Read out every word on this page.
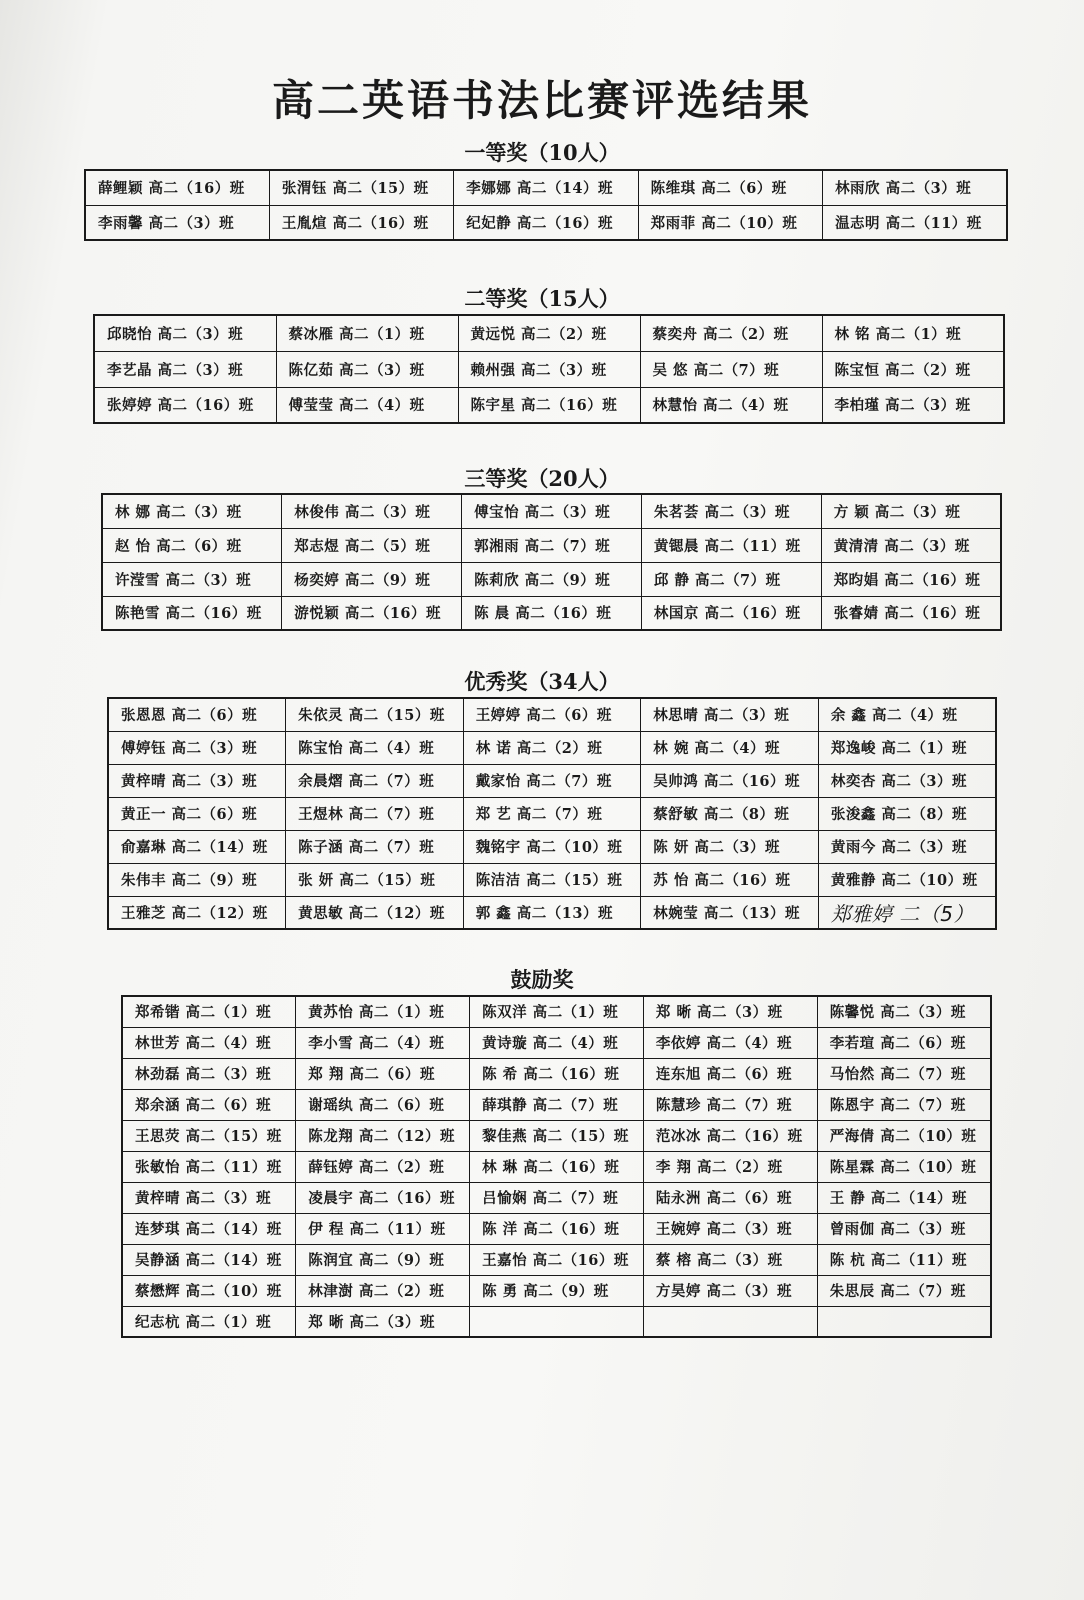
高二英语书法比赛评选结果
一等奖（10人）
薛鲤颖 高二（16）班	张渭钰 高二（15）班	李娜娜 高二（14）班	陈维琪 高二（6）班	林雨欣 高二（3）班
李雨馨 高二（3）班	王胤煊 高二（16）班	纪妃静 高二（16）班	郑雨菲 高二（10）班	温志明 高二（11）班
二等奖（15人）
邱晓怡 高二（3）班	蔡冰雁 高二（1）班	黄远悦 高二（2）班	蔡奕舟 高二（2）班	林 铭 高二（1）班
李艺晶 高二（3）班	陈亿茹 高二（3）班	赖州强 高二（3）班	吴 悠 高二（7）班	陈宝恒 高二（2）班
张婷婷 高二（16）班	傅莹莹 高二（4）班	陈宇星 高二（16）班	林慧怡 高二（4）班	李柏瑾 高二（3）班
三等奖（20人）
林 娜 高二（3）班	林俊伟 高二（3）班	傅宝怡 高二（3）班	朱茗荟 高二（3）班	方 颖 高二（3）班
赵 怡 高二（6）班	郑志煜 高二（5）班	郭湘雨 高二（7）班	黄锶晨 高二（11）班	黄清清 高二（3）班
许滢雪 高二（3）班	杨奕婷 高二（9）班	陈莉欣 高二（9）班	邱 静 高二（7）班	郑昀娼 高二（16）班
陈艳雪 高二（16）班	游悦颖 高二（16）班	陈 晨 高二（16）班	林国京 高二（16）班	张睿婧 高二（16）班
优秀奖（34人）
张恩恩 高二（6）班	朱依灵 高二（15）班	王婷婷 高二（6）班	林思晴 高二（3）班	余 鑫 高二（4）班
傅婷钰 高二（3）班	陈宝怡 高二（4）班	林 诺 高二（2）班	林 婉 高二（4）班	郑逸峻 高二（1）班
黄梓晴 高二（3）班	余晨熠 高二（7）班	戴家怡 高二（7）班	吴帅鸿 高二（16）班	林奕杏 高二（3）班
黄正一 高二（6）班	王煜林 高二（7）班	郑 艺 高二（7）班	蔡舒敏 高二（8）班	张浚鑫 高二（8）班
俞嘉琳 高二（14）班	陈子涵 高二（7）班	魏铭宇 高二（10）班	陈 妍 高二（3）班	黄雨今 高二（3）班
朱伟丰 高二（9）班	张 妍 高二（15）班	陈洁洁 高二（15）班	苏 怡 高二（16）班	黄雅静 高二（10）班
王雅芝 高二（12）班	黄思敏 高二（12）班	郭 鑫 高二（13）班	林婉莹 高二（13）班	郑雅婷 二（5）
鼓励奖
郑希锴 高二（1）班	黄苏怡 高二（1）班	陈双洋 高二（1）班	郑 晰 高二（3）班	陈馨悦 高二（3）班
林世芳 高二（4）班	李小雪 高二（4）班	黄诗璇 高二（4）班	李依婷 高二（4）班	李若瑄 高二（6）班
林劲磊 高二（3）班	郑 翔 高二（6）班	陈 希 高二（16）班	连东旭 高二（6）班	马怡然 高二（7）班
郑余涵 高二（6）班	谢瑶纨 高二（6）班	薛琪静 高二（7）班	陈慧珍 高二（7）班	陈恩宇 高二（7）班
王思荧 高二（15）班	陈龙翔 高二（12）班	黎佳燕 高二（15）班	范冰冰 高二（16）班	严海倩 高二（10）班
张敏怡 高二（11）班	薛钰婷 高二（2）班	林 琳 高二（16）班	李 翔 高二（2）班	陈星霖 高二（10）班
黄梓晴 高二（3）班	凌晨宇 高二（16）班	吕愉娴 高二（7）班	陆永洲 高二（6）班	王 静 高二（14）班
连梦琪 高二（14）班	伊 程 高二（11）班	陈 洋 高二（16）班	王婉婷 高二（3）班	曾雨伽 高二（3）班
吴静涵 高二（14）班	陈润宜 高二（9）班	王嘉怡 高二（16）班	蔡 榕 高二（3）班	陈 杭 高二（11）班
蔡懋辉 高二（10）班	林津澍 高二（2）班	陈 勇 高二（9）班	方昊婷 高二（3）班	朱思辰 高二（7）班
纪志杭 高二（1）班	郑 晰 高二（3）班			
